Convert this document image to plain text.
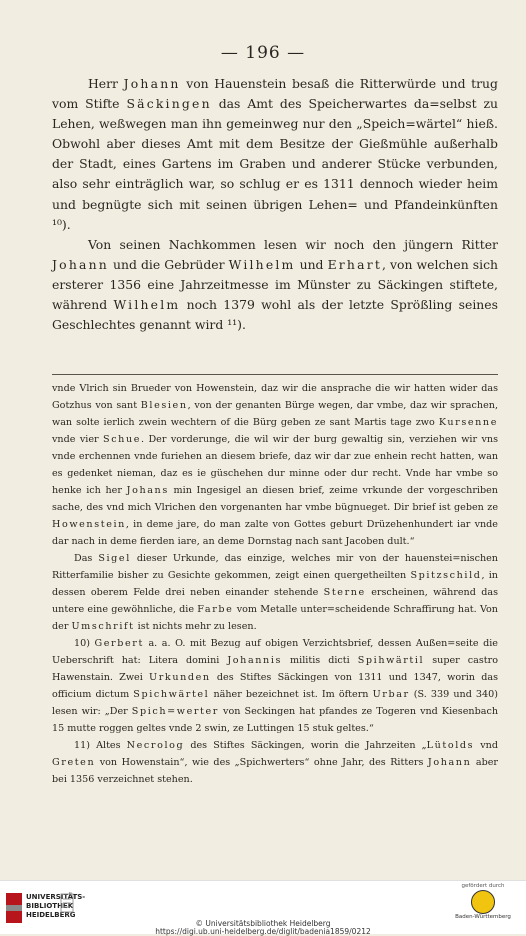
— 196 —

Herr Johann von Hauenstein besaß die Ritterwürde und trug vom Stifte Säckingen das Amt des Speicherwartes da=selbst zu Lehen, weßwegen man ihn gemeinweg nur den „Speich=wärtel“ hieß. Obwohl aber dieses Amt mit dem Besitze der Gießmühle außerhalb der Stadt, eines Gartens im Graben und anderer Stücke verbunden, also sehr einträglich war, so schlug er es 1311 dennoch wieder heim und begnügte sich mit seinen übrigen Lehen= und Pfandeinkünften ¹⁰).

Von seinen Nachkommen lesen wir noch den jüngern Ritter Johann und die Gebrüder Wilhelm und Erhart, von welchen sich ersterer 1356 eine Jahrzeitmesse im Münster zu Säckingen stiftete, während Wilhelm noch 1379 wohl als der letzte Sprößling seines Geschlechtes genannt wird ¹¹).

vnde Vlrich sin Brueder von Howenstein, daz wir die ansprache die wir hatten wider das Gotzhus von sant Blesien, von der genanten Bürge wegen, dar vmbe, daz wir sprachen, wan solte ierlich zwein wechtern of die Bürg geben ze sant Martis tage zwo Kursenne vnde vier Schue. Der vorderunge, die wil wir der burg gewaltig sin, verziehen wir vns vnde erchennen vnde furiehen an diesem briefe, daz wir dar zue enhein recht hatten, wan es gedenket nieman, daz es ie güschehen dur minne oder dur recht. Vnde har vmbe so henke ich her Johans min Ingesigel an diesen brief, zeime vrkunde der vorgeschriben sache, des vnd mich Vlrichen den vorgenanten har vmbe bügnueget. Dir brief ist geben ze Howenstein, in deme jare, do man zalte von Gottes geburt Drüzehenhundert iar vnde dar nach in deme fierden iare, an deme Dornstag nach sant Jacoben dult.“

Das Sigel dieser Urkunde, das einzige, welches mir von der hauenstei=nischen Ritterfamilie bisher zu Gesichte gekommen, zeigt einen quergetheilten Spitzschild, in dessen oberem Felde drei neben einander stehende Sterne erscheinen, während das untere eine gewöhnliche, die Farbe vom Metalle unter=scheidende Schraffirung hat. Von der Umschrift ist nichts mehr zu lesen.

10) Gerbert a. a. O. mit Bezug auf obigen Verzichtsbrief, dessen Außen=seite die Ueberschrift hat: Litera domini Johannis militis dicti Spihwärtil super castro Hawenstain. Zwei Urkunden des Stiftes Säckingen von 1311 und 1347, worin das officium dictum Spichwärtel näher bezeichnet ist. Im öftern Urbar (S. 339 und 340) lesen wir: „Der Spich=werter von Seckingen hat pfandes ze Togeren vnd Kiesenbach 15 mutte roggen geltes vnde 2 swin, ze Luttingen 15 stuk geltes.“

11) Altes Necrolog des Stiftes Säckingen, worin die Jahrzeiten „Lütolds vnd Greten von Howenstain“, wie des „Spichwerters“ ohne Jahr, des Ritters Johann aber bei 1356 verzeichnet stehen.

UNIVERSITÄTS-
BIBLIOTHEK
HEIDELBERG
© Universitätsbibliothek Heidelberg
https://digi.ub.uni-heidelberg.de/diglit/badenia1859/0212
gefördert durch
Baden-Württemberg
